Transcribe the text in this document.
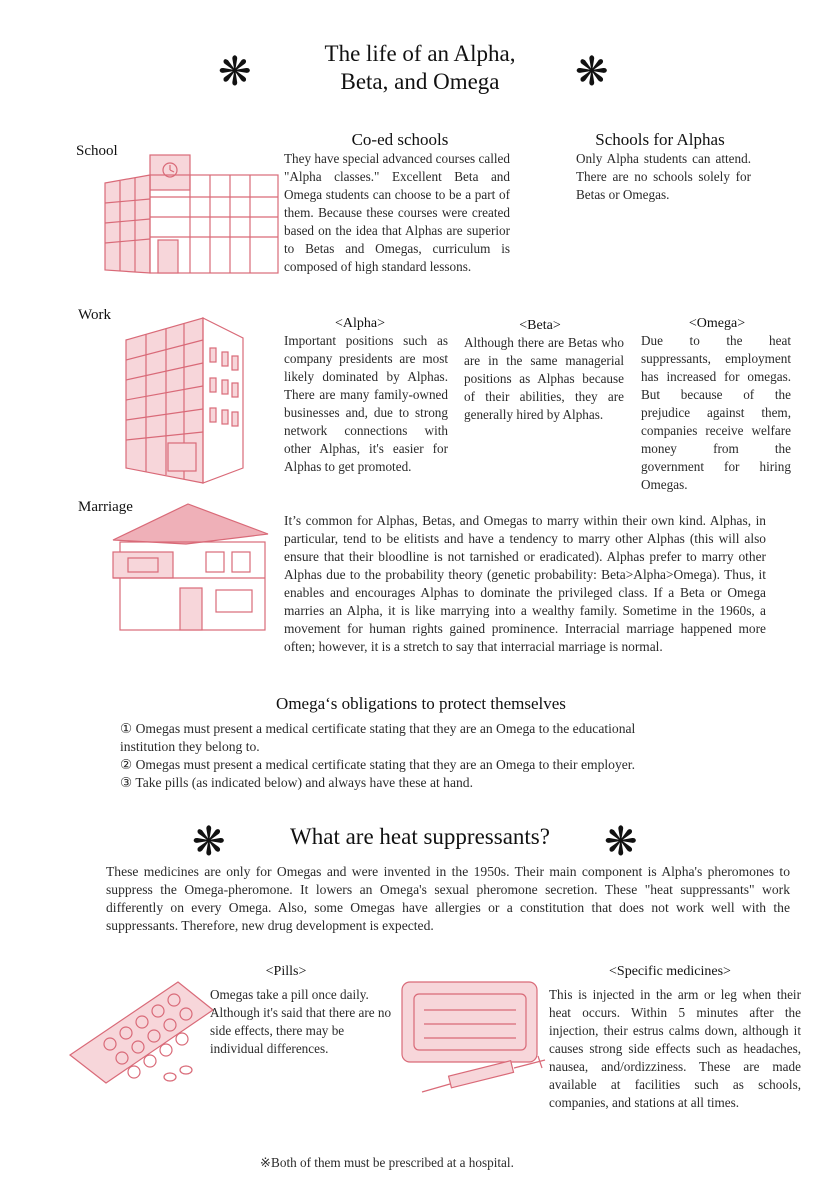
❋	The life of an Alpha,
Beta, and Omega	❋
School
Co-ed schools
They have special advanced courses called "Alpha classes." Excellent Beta and Omega students can choose to be a part of them. Because these courses were created based on the idea that Alphas are superior to Betas and Omegas, curriculum is composed of high standard lessons.
Schools for Alphas
Only Alpha students can attend. There are no schools solely for Betas or Omegas.
Work
<Alpha>
Important positions such as company presidents are most likely dominated by Alphas. There are many family-owned businesses and, due to strong network connections with other Alphas, it's easier for Alphas to get promoted.
<Beta>
Although there are Betas who are in the same managerial positions as Alphas because of their abilities, they are generally hired by Alphas.
<Omega>
Due to the heat suppressants, employment has increased for omegas. But because of the prejudice against them, companies receive welfare money from the government for hiring Omegas.
Marriage
It’s common for Alphas, Betas, and Omegas to marry within their own kind. Alphas, in particular, tend to be elitists and have a tendency to marry other Alphas (this will also ensure that their bloodline is not tarnished or eradicated). Alphas prefer to marry other Alphas due to the probability theory (genetic probability: Beta>Alpha>Omega). Thus, it enables and encourages Alphas to dominate the privileged class. If a Beta or Omega marries an Alpha, it is like marrying into a wealthy family. Sometime in the 1960s, a movement for human rights gained prominence. Interracial marriage happened more often; however, it is a stretch to say that interracial marriage is normal.
Omega‘s obligations to protect themselves
① Omegas must present a medical certificate stating that they are an Omega to the educational
institution they belong to.
② Omegas must present a medical certificate stating that they are an Omega to their employer.
③ Take pills (as indicated below) and always have these at hand.
❋	What are heat suppressants?	❋
These medicines are only for Omegas and were invented in the 1950s. Their main component is Alpha's pheromones to suppress the Omega-pheromone. It lowers an Omega's sexual pheromone secretion. These "heat suppressants" work differently on every Omega. Also, some Omegas have allergies or a constitution that does not work well with the suppressants. Therefore, new drug development is expected.
<Pills>
Omegas take a pill once daily. Although it's said that there are no side effects, there may be individual differences.
<Specific medicines>
This is injected in the arm or leg when their heat occurs. Within 5 minutes after the injection, their estrus calms down, although it causes strong side effects such as headaches, nausea, and/ordizziness. These are made available at facilities such as schools, companies, and stations at all times.
※Both of them must be prescribed at a hospital.
